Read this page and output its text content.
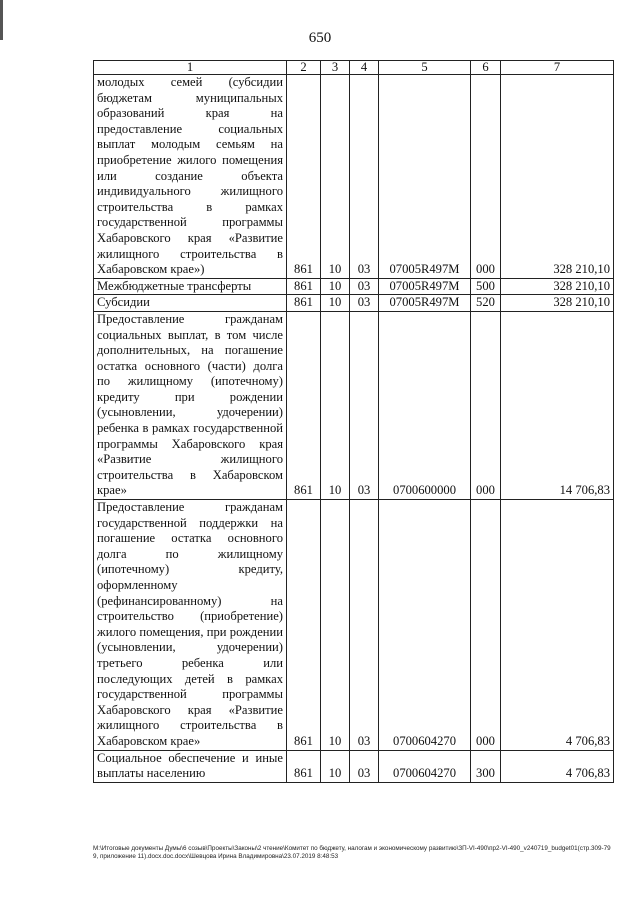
650
1	2	3	4	5	6	7
молодых семей (субсидии бюджетам муниципальных образований края на предоставление социальных выплат молодым семьям на приобретение жилого помещения или создание объекта индивидуального жилищного строительства в рамках государственной программы Хабаровского края «Развитие жилищного строительства в Хабаровском крае»)	861	10	03	07005R497M	000	328 210,10
Межбюджетные трансферты	861	10	03	07005R497M	500	328 210,10
Субсидии	861	10	03	07005R497M	520	328 210,10
Предоставление гражданам социальных выплат, в том числе дополнительных, на погашение остатка основного (части) долга по жилищному (ипотечному) кредиту при рождении (усыновлении, удочерении) ребенка в рамках государственной программы Хабаровского края «Развитие жилищного строительства в Хабаровском крае»	861	10	03	0700600000	000	14 706,83
Предоставление гражданам государственной поддержки на погашение остатка основного долга по жилищному (ипотечному) кредиту, оформленному (рефинансированному) на строительство (приобретение) жилого помещения, при рождении (усыновлении, удочерении) третьего ребенка или последующих детей в рамках государственной программы Хабаровского края «Развитие жилищного строительства в Хабаровском крае»	861	10	03	0700604270	000	4 706,83
Социальное обеспечение и иные выплаты населению	861	10	03	0700604270	300	4 706,83
M:\Итоговые документы Думы\6 созыв\Проекты\Законы\2 чтение\Комитет по бюджету, налогам и экономическому развитию\ЗП-VI-490\пр2-VI-490_v240719_budget01(стр.309-799, приложение 11).docx.doc.docx\Шевцова Ирина Владимировна\23.07.2019 8:48:53
